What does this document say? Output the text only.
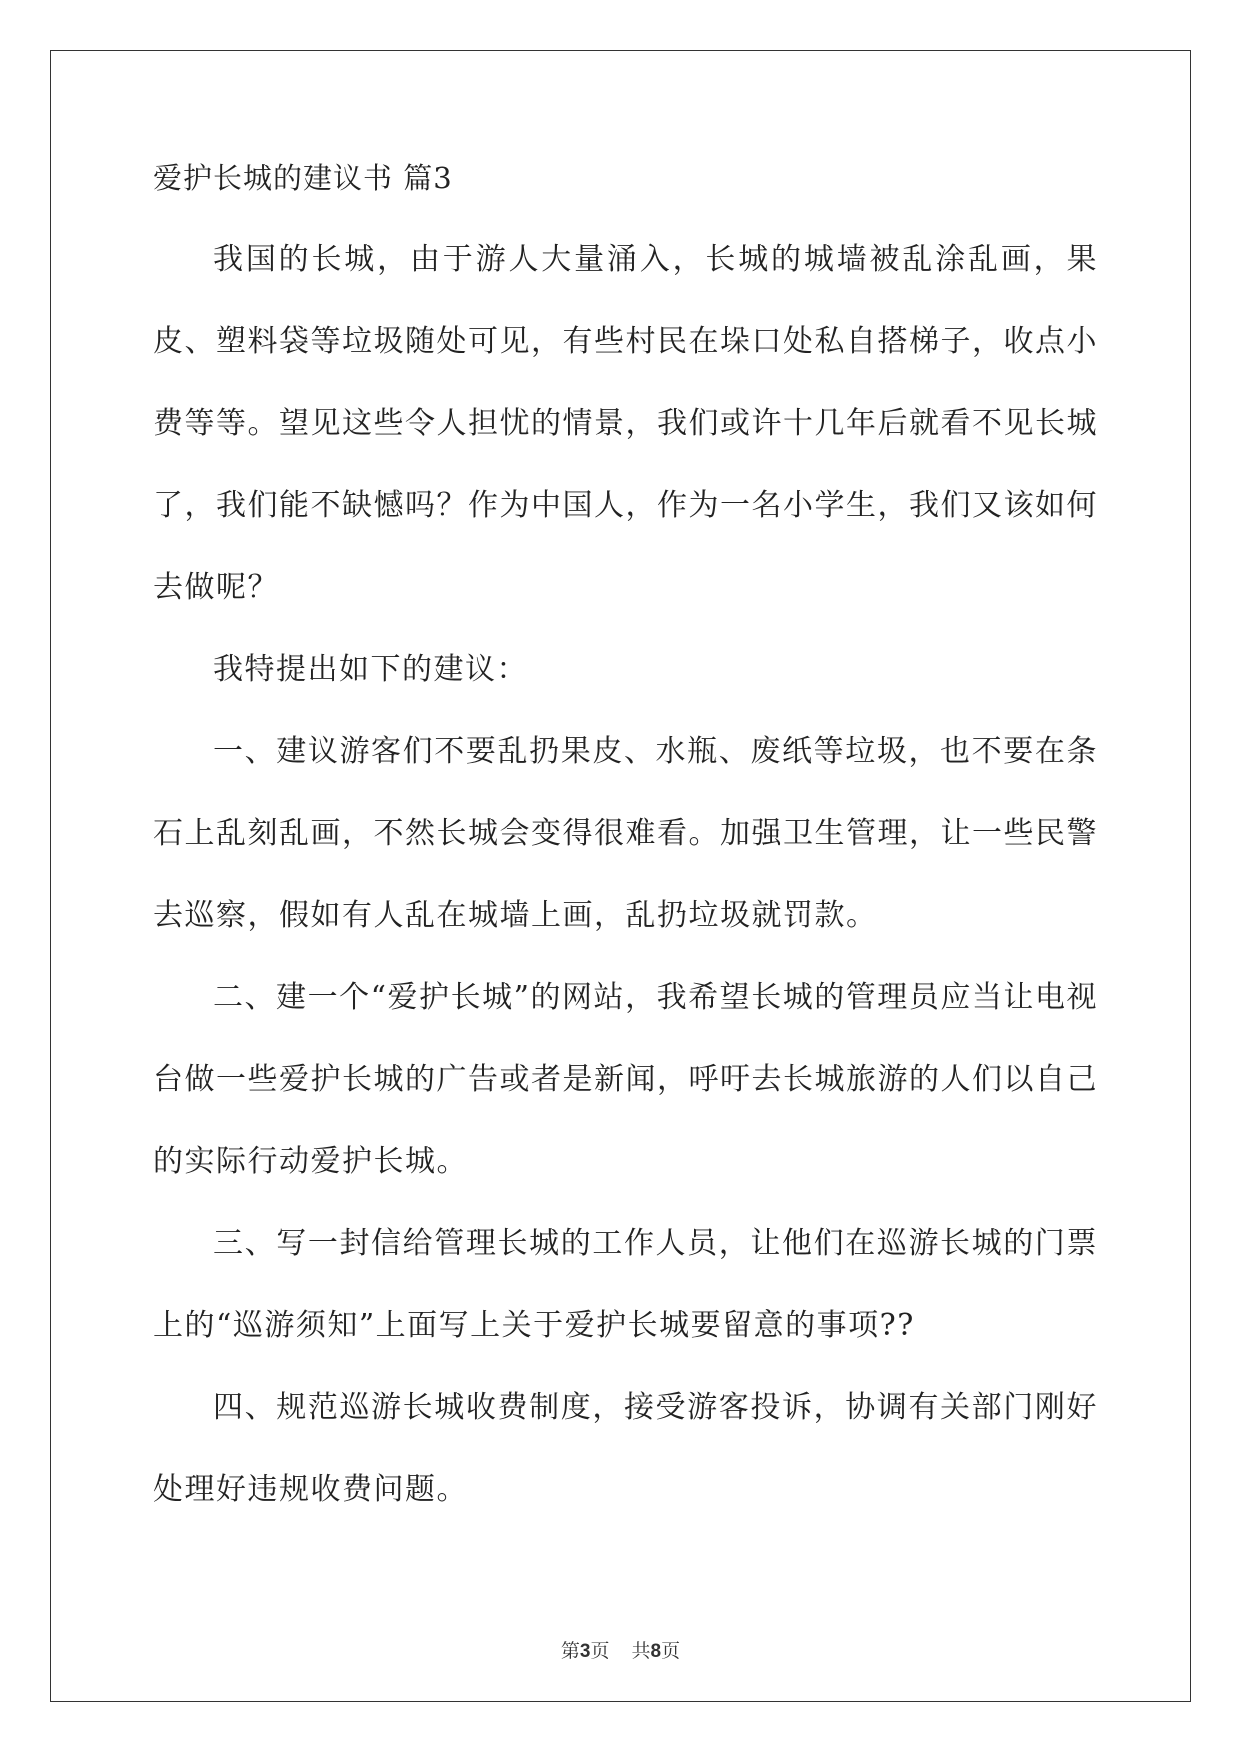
爱护长城的建议书 篇3

我国的长城，由于游人大量涌入，长城的城墙被乱涂乱画，果皮、塑料袋等垃圾随处可见，有些村民在垛口处私自搭梯子，收点小费等等。望见这些令人担忧的情景，我们或许十几年后就看不见长城了，我们能不缺憾吗？作为中国人，作为一名小学生，我们又该如何去做呢？

我特提出如下的建议：

一、建议游客们不要乱扔果皮、水瓶、废纸等垃圾，也不要在条石上乱刻乱画，不然长城会变得很难看。加强卫生管理，让一些民警去巡察，假如有人乱在城墙上画，乱扔垃圾就罚款。

二、建一个“爱护长城”的网站，我希望长城的管理员应当让电视台做一些爱护长城的广告或者是新闻，呼吁去长城旅游的人们以自己的实际行动爱护长城。

三、写一封信给管理长城的工作人员，让他们在巡游长城的门票上的“巡游须知”上面写上关于爱护长城要留意的事项??

四、规范巡游长城收费制度，接受游客投诉，协调有关部门刚好处理好违规收费问题。

第3页 共8页
